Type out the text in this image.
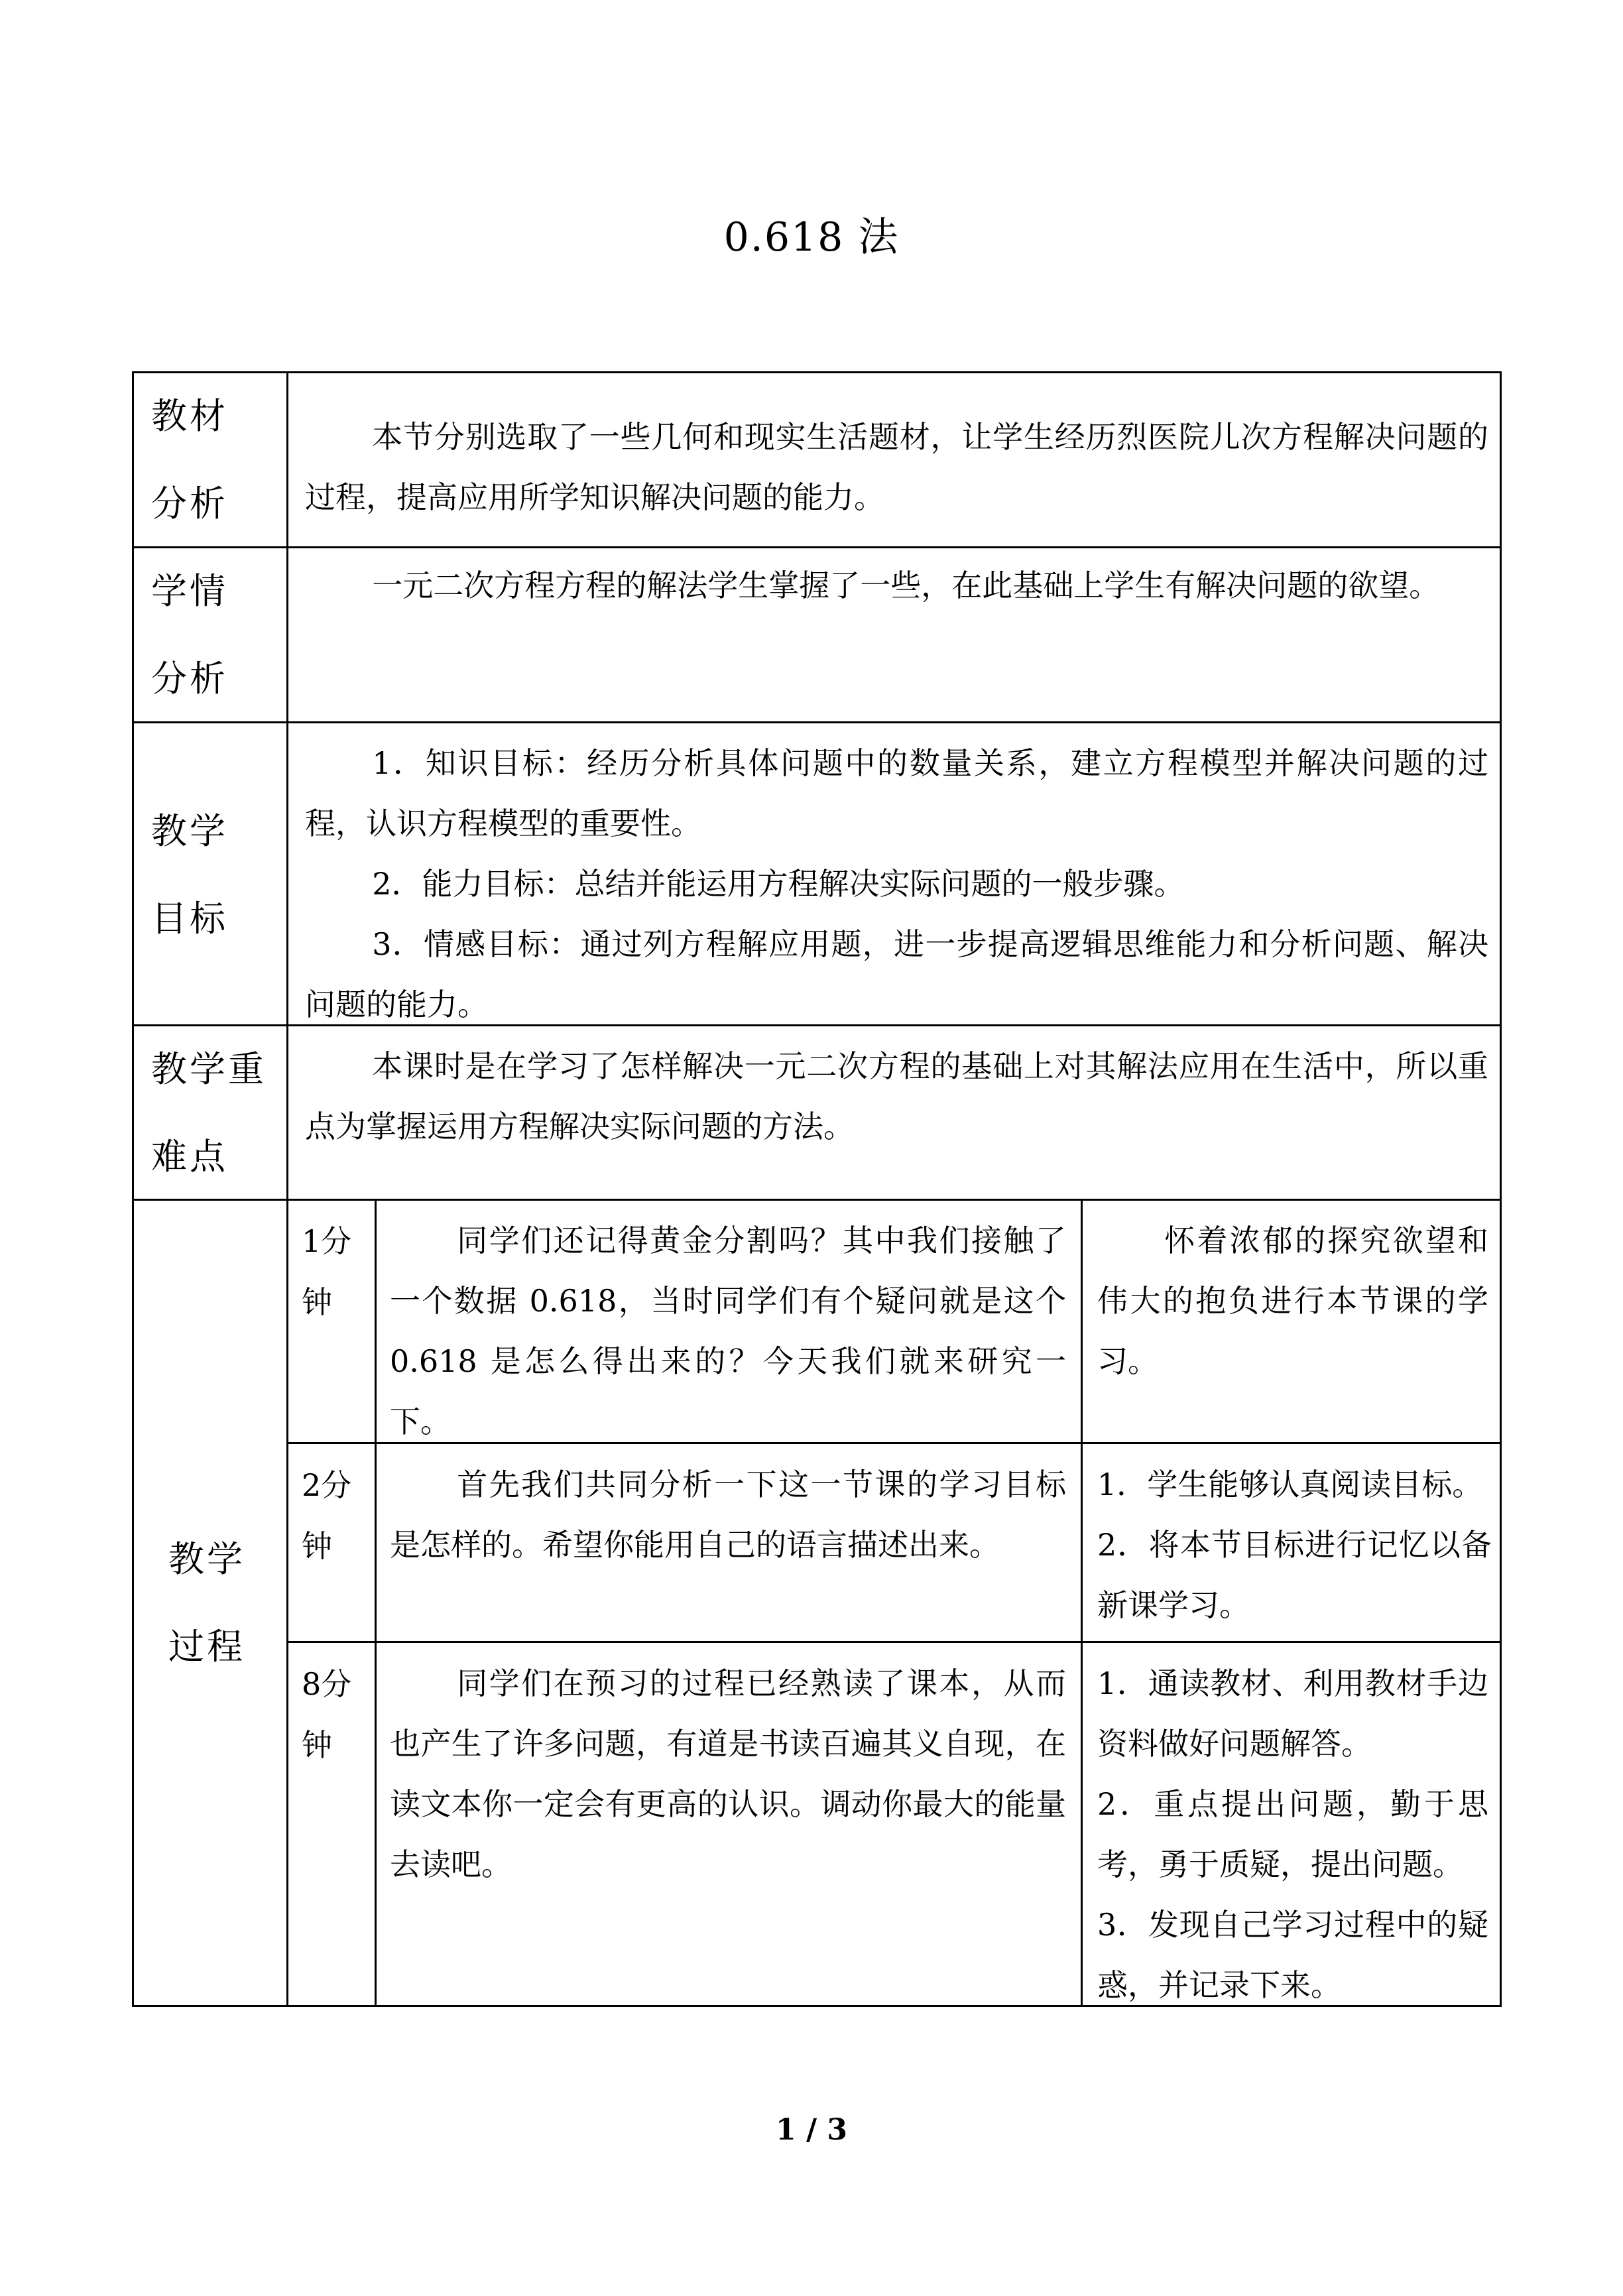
0.618 法
教材
分析

本节分别选取了一些几何和现实生活题材，让学生经历烈医院儿次方程解决问题的过程，提高应用所学知识解决问题的能力。

学情
分析

一元二次方程方程的解法学生掌握了一些，在此基础上学生有解决问题的欲望。

教学
目标

1．知识目标：经历分析具体问题中的数量关系，建立方程模型并解决问题的过程，认识方程模型的重要性。

2．能力目标：总结并能运用方程解决实际问题的一般步骤。

3．情感目标：通过列方程解应用题，进一步提高逻辑思维能力和分析问题、解决问题的能力。

教学重
难点

本课时是在学习了怎样解决一元二次方程的基础上对其解法应用在生活中，所以重点为掌握运用方程解决实际问题的方法。

教学
过程
1分钟

同学们还记得黄金分割吗？其中我们接触了一个数据 0.618，当时同学们有个疑问就是这个 0.618 是怎么得出来的？今天我们就来研究一下。

怀着浓郁的探究欲望和伟大的抱负进行本节课的学习。

2分钟

首先我们共同分析一下这一节课的学习目标是怎样的。希望你能用自己的语言描述出来。

1．学生能够认真阅读目标。

2．将本节目标进行记忆以备新课学习。

8分钟

同学们在预习的过程已经熟读了课本，从而也产生了许多问题，有道是书读百遍其义自现，在读文本你一定会有更高的认识。调动你最大的能量去读吧。

1．通读教材、利用教材手边资料做好问题解答。

2．重点提出问题，勤于思考，勇于质疑，提出问题。

3．发现自己学习过程中的疑惑，并记录下来。

1 / 3
